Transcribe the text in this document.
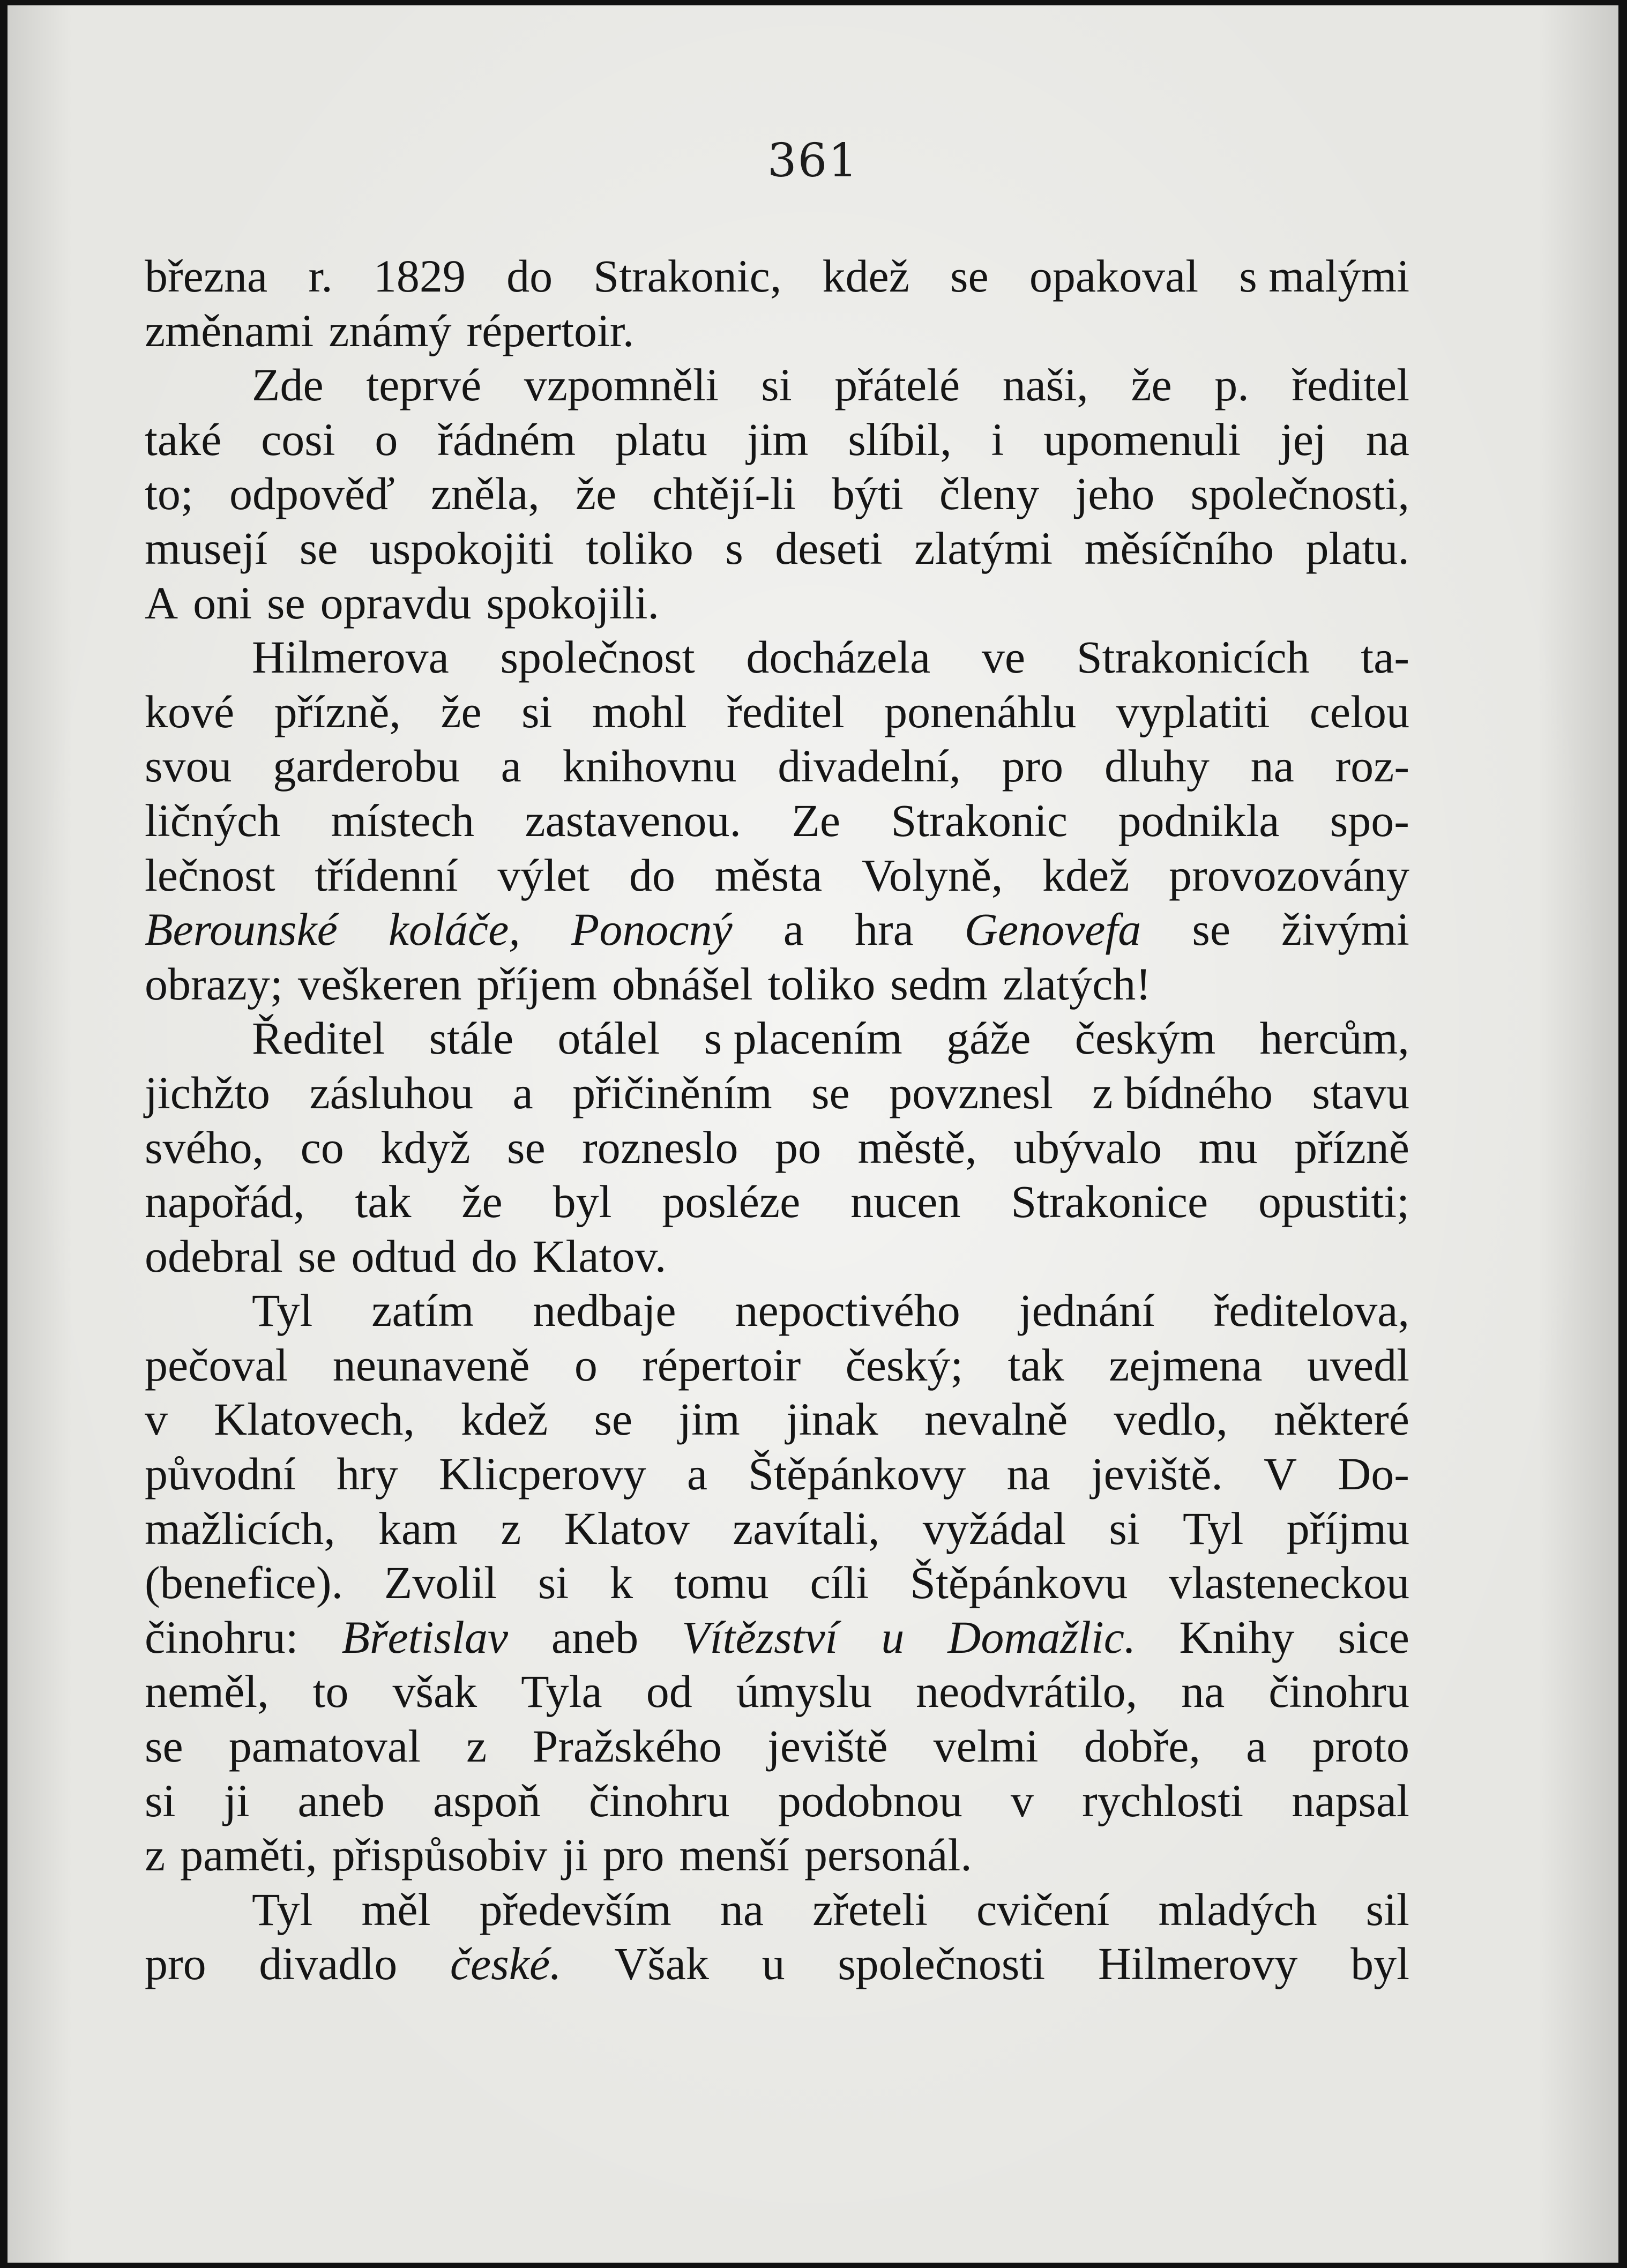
361
března r. 1829 do Strakonic, kdež se opakoval s malými
změnami známý répertoir.
Zde teprvé vzpomněli si přátelé naši, že p. ředitel
také cosi o řádném platu jim slíbil, i upomenuli jej na
to; odpověď zněla, že chtějí-li býti členy jeho společnosti,
musejí se uspokojiti toliko s deseti zlatými měsíčního platu.
A oni se opravdu spokojili.
Hilmerova společnost docházela ve Strakonicích ta-
kové přízně, že si mohl ředitel ponenáhlu vyplatiti celou
svou garderobu a knihovnu divadelní, pro dluhy na roz-
ličných místech zastavenou. Ze Strakonic podnikla spo-
lečnost třídenní výlet do města Volyně, kdež provozovány
Berounské koláče, Ponocný a hra Genovefa se živými
obrazy; veškeren příjem obnášel toliko sedm zlatých!
Ředitel stále otálel s placením gáže českým hercům,
jichžto zásluhou a přičiněním se povznesl z bídného stavu
svého, co když se rozneslo po městě, ubývalo mu přízně
napořád, tak že byl posléze nucen Strakonice opustiti;
odebral se odtud do Klatov.
Tyl zatím nedbaje nepoctivého jednání ředitelova,
pečoval neunaveně o répertoir český; tak zejmena uvedl
v Klatovech, kdež se jim jinak nevalně vedlo, některé
původní hry Klicperovy a Štěpánkovy na jeviště. V Do-
mažlicích, kam z Klatov zavítali, vyžádal si Tyl příjmu
(benefice). Zvolil si k tomu cíli Štěpánkovu vlasteneckou
činohru: Břetislav aneb Vítězství u Domažlic. Knihy sice
neměl, to však Tyla od úmyslu neodvrátilo, na činohru
se pamatoval z Pražského jeviště velmi dobře, a proto
si ji aneb aspoň činohru podobnou v rychlosti napsal
z paměti, přispůsobiv ji pro menší personál.
Tyl měl především na zřeteli cvičení mladých sil
pro divadlo české. Však u společnosti Hilmerovy byl
